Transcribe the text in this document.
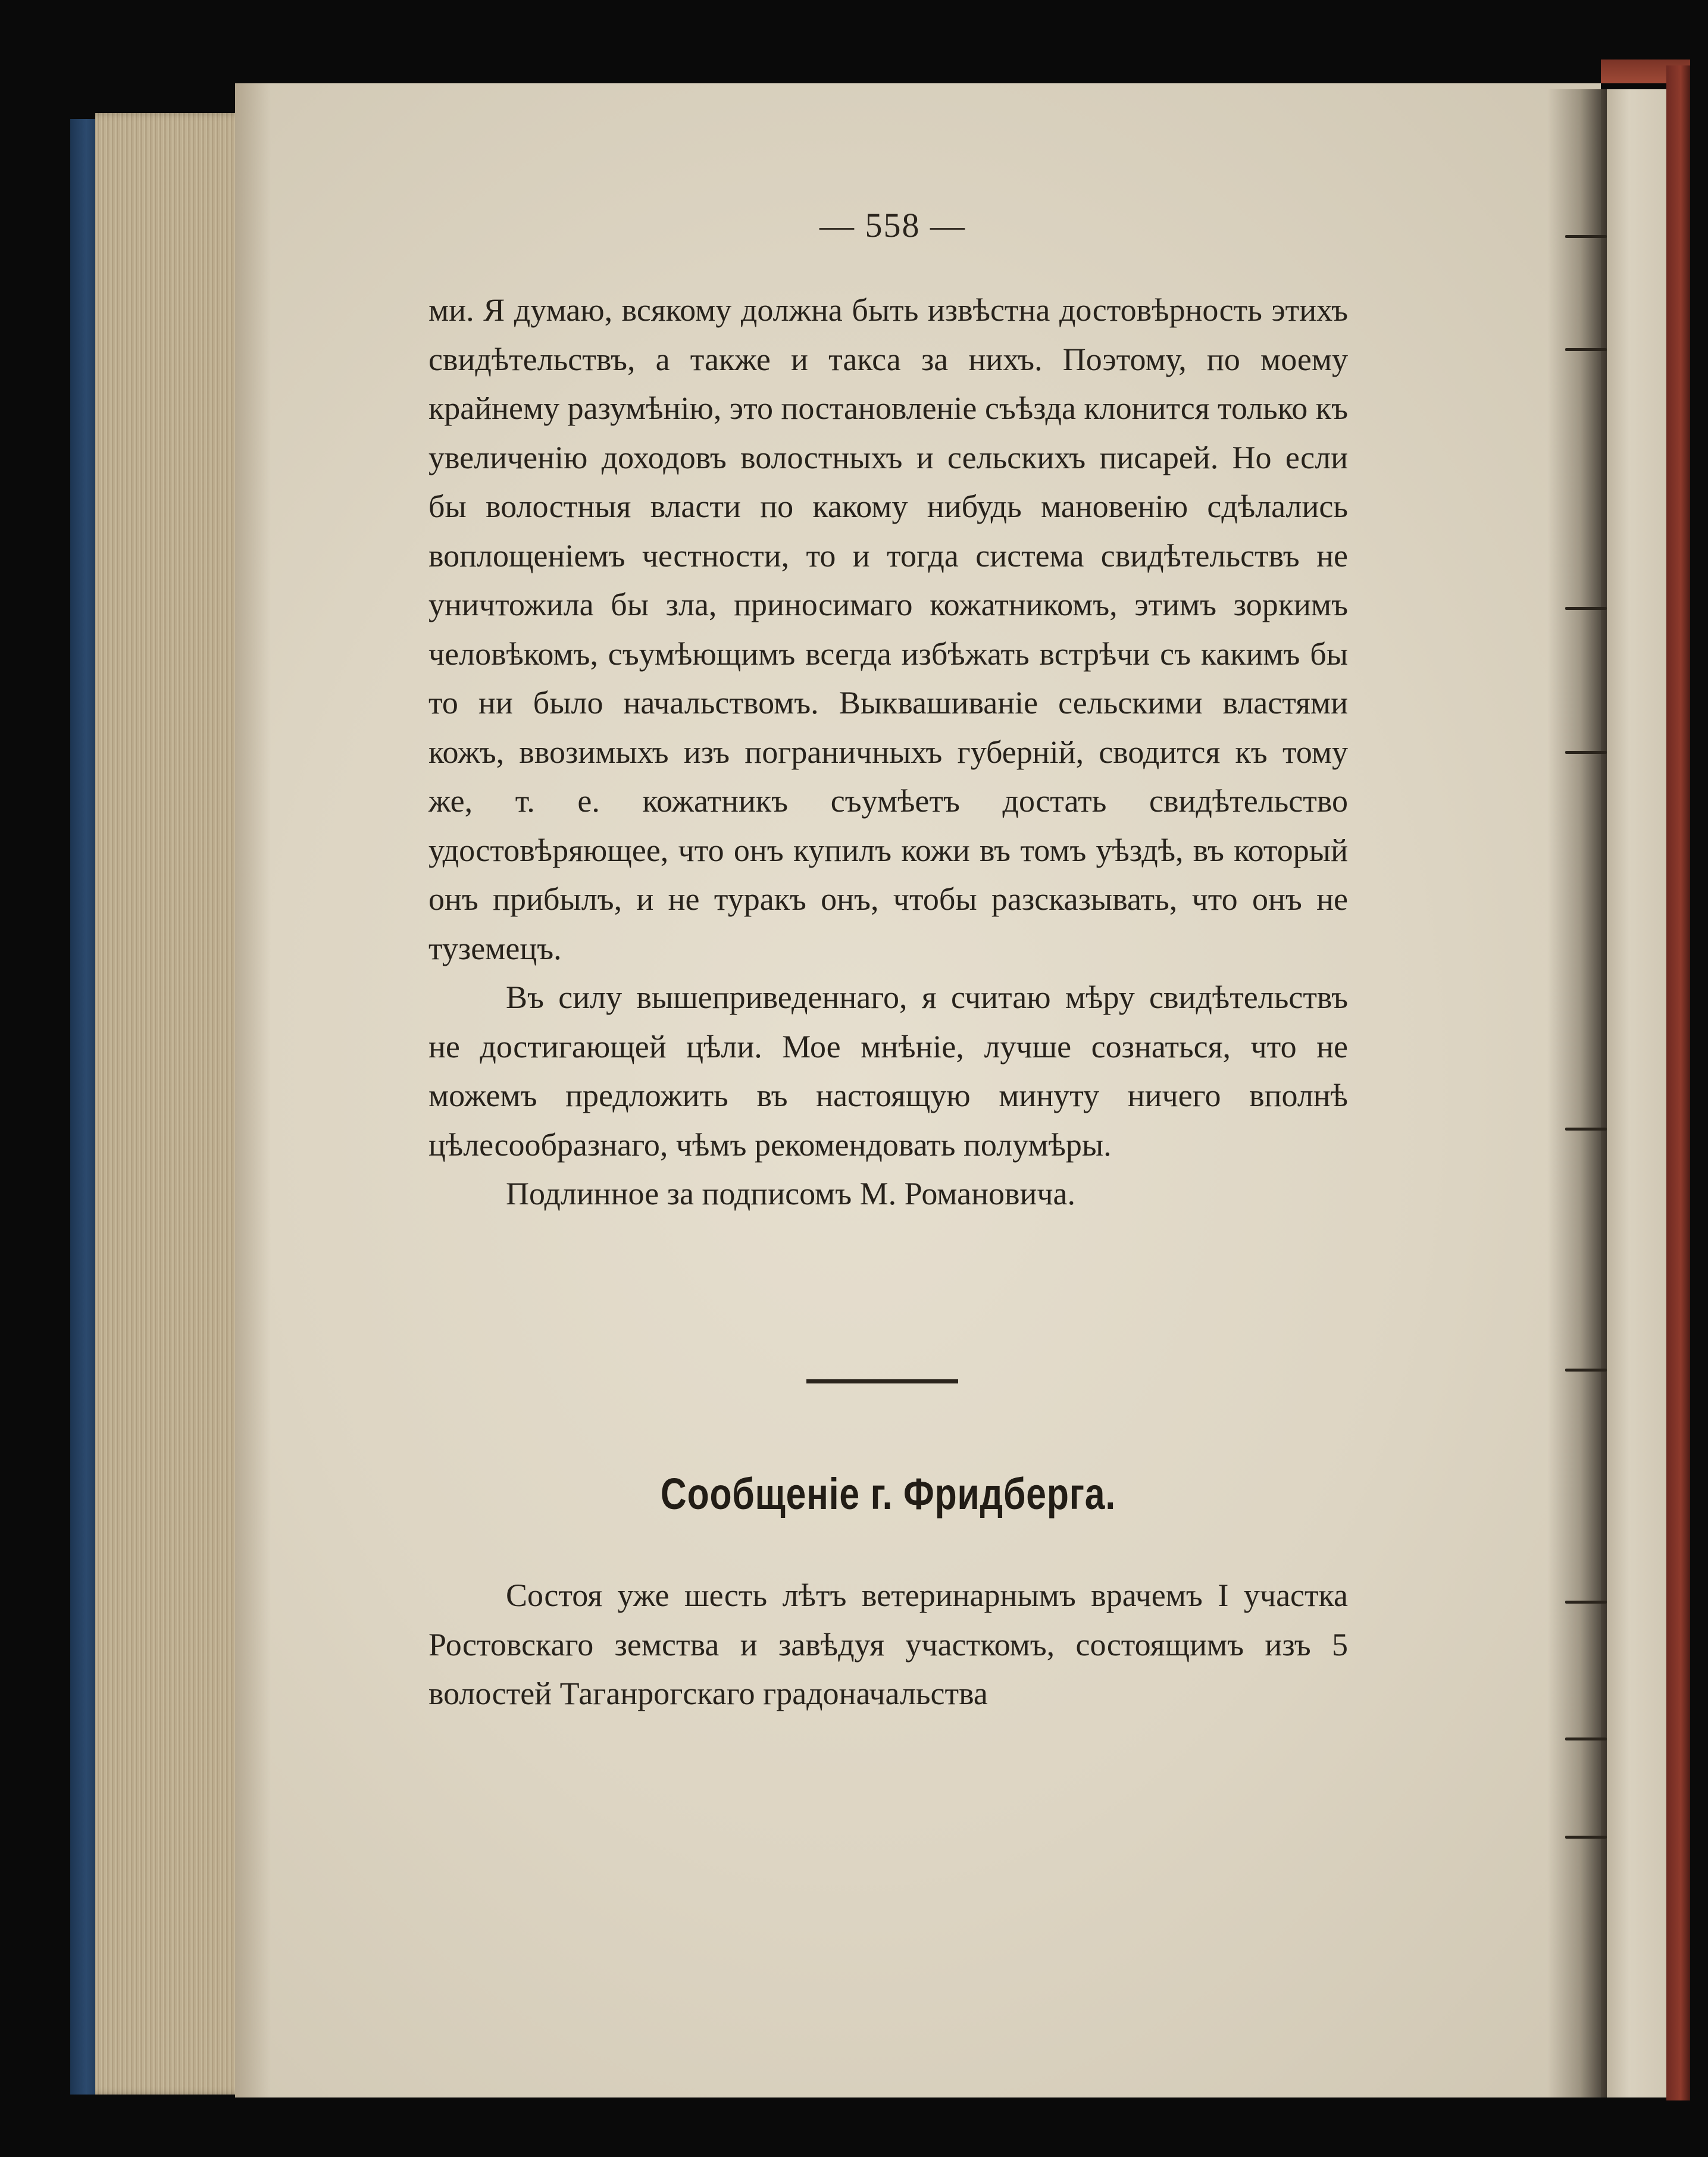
— 558 —

ми. Я думаю, всякому должна быть извѣстна достовѣрность этихъ свидѣтельствъ, а также и такса за нихъ. Поэтому, по моему крайнему разумѣнію, это постановленіе съѣзда клонится только къ увеличенію доходовъ волостныхъ и сельскихъ писарей. Но если бы волостныя власти по какому нибудь мановенію сдѣлались воплощеніемъ честности, то и тогда система свидѣтельствъ не уничтожила бы зла, приносимаго кожатникомъ, этимъ зоркимъ человѣкомъ, съумѣющимъ всегда избѣжать встрѣчи съ какимъ бы то ни было начальствомъ. Выквашиваніе сельскими властями кожъ, ввозимыхъ изъ пограничныхъ губерній, сводится къ тому же, т. е. кожатникъ съумѣетъ достать свидѣтельство удостовѣряющее, что онъ купилъ кожи въ томъ уѣздѣ, въ который онъ прибылъ, и не туракъ онъ, чтобы разсказывать, что онъ не туземецъ.

Въ силу вышеприведеннаго, я считаю мѣру свидѣтельствъ не достигающей цѣли. Мое мнѣніе, лучше сознаться, что не можемъ предложить въ настоящую минуту ничего вполнѣ цѣлесообразнаго, чѣмъ рекомендовать полумѣры.

Подлинное за подписомъ М. Романовича.

Сообщеніе г. Фридберга.

Состоя уже шесть лѣтъ ветеринарнымъ врачемъ I участка Ростовскаго земства и завѣдуя участкомъ, состоящимъ изъ 5 волостей Таганрогскаго градоначальства
